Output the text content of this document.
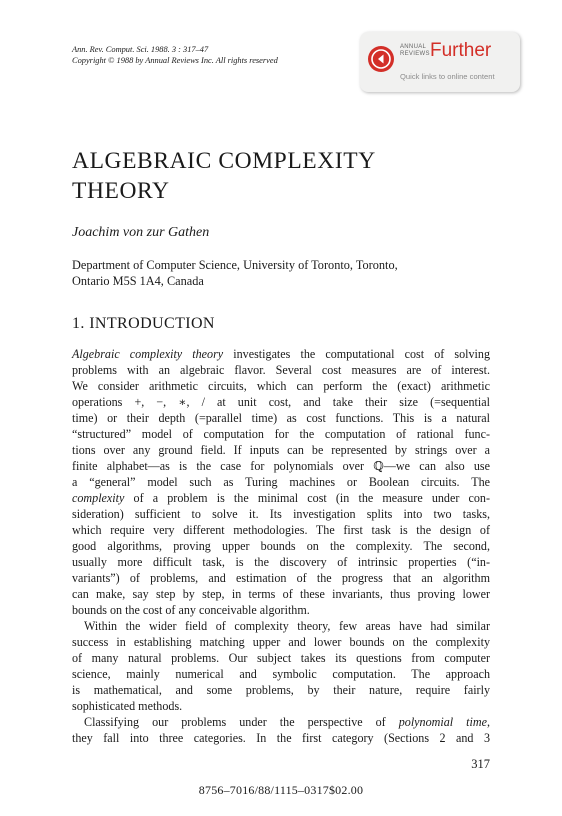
Ann. Rev. Comput. Sci. 1988. 3 : 317–47
Copyright © 1988 by Annual Reviews Inc. All rights reserved
ANNUAL
REVIEWS Further
Quick links to online content
ALGEBRAIC COMPLEXITY
THEORY
Joachim von zur Gathen
Department of Computer Science, University of Toronto, Toronto,
Ontario M5S 1A4, Canada
1. INTRODUCTION
Algebraic complexity theory investigates the computational cost of solving
problems with an algebraic flavor. Several cost measures are of interest.
We consider arithmetic circuits, which can perform the (exact) arithmetic
operations +, −, ∗, / at unit cost, and take their size (=sequential
time) or their depth (=parallel time) as cost functions. This is a natural
“structured” model of computation for the computation of rational func-
tions over any ground field. If inputs can be represented by strings over a
finite alphabet—as is the case for polynomials over ℚ—we can also use
a “general” model such as Turing machines or Boolean circuits. The
complexity of a problem is the minimal cost (in the measure under con-
sideration) sufficient to solve it. Its investigation splits into two tasks,
which require very different methodologies. The first task is the design of
good algorithms, proving upper bounds on the complexity. The second,
usually more difficult task, is the discovery of intrinsic properties (“in-
variants”) of problems, and estimation of the progress that an algorithm
can make, say step by step, in terms of these invariants, thus proving lower
bounds on the cost of any conceivable algorithm.
Within the wider field of complexity theory, few areas have had similar
success in establishing matching upper and lower bounds on the complexity
of many natural problems. Our subject takes its questions from computer
science, mainly numerical and symbolic computation. The approach
is mathematical, and some problems, by their nature, require fairly
sophisticated methods.
Classifying our problems under the perspective of polynomial time,
they fall into three categories. In the first category (Sections 2 and 3
317
8756–7016/88/1115–0317$02.00
